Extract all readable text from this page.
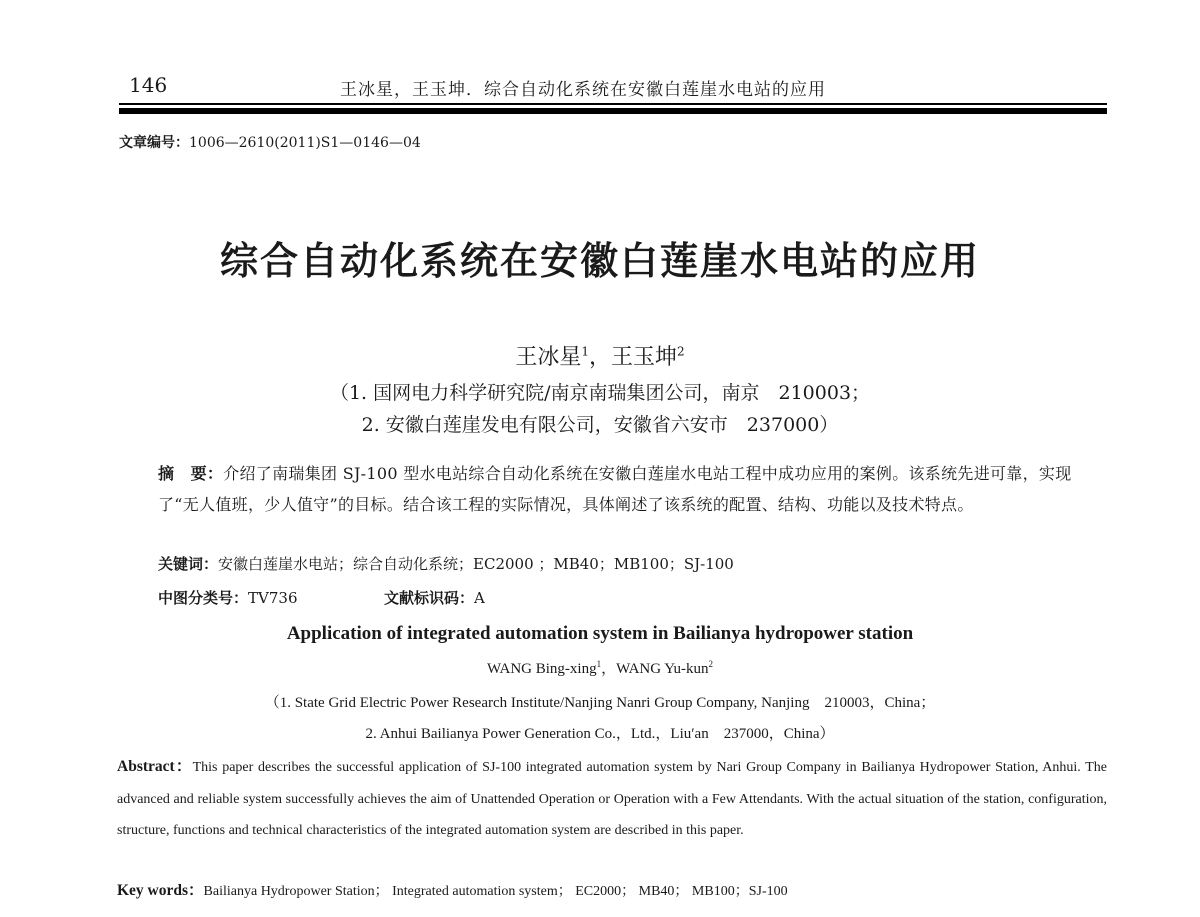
146	王冰星，王玉坤．综合自动化系统在安徽白莲崖水电站的应用
文章编号：1006—2610(2011)S1—0146—04
综合自动化系统在安徽白莲崖水电站的应用
王冰星$^1$，王玉坤$^2$
（1. 国网电力科学研究院/南京南瑞集团公司，南京　210003；
2. 安徽白莲崖发电有限公司，安徽省六安市　237000）
摘　要：介绍了南瑞集团 SJ-100 型水电站综合自动化系统在安徽白莲崖水电站工程中成功应用的案例。该系统先进可靠，实现了“无人值班，少人值守”的目标。结合该工程的实际情况，具体阐述了该系统的配置、结构、功能以及技术特点。
关键词：安徽白莲崖水电站；综合自动化系统；EC2000 ；MB40；MB100；SJ-100
中图分类号：TV736	文献标识码：A
Application of integrated automation system in Bailianya hydropower station
WANG Bing-xing$^1$，WANG Yu-kun$^2$
（1. State Grid Electric Power Research Institute/Nanjing Nanri Group Company, Nanjing　210003，China；
2. Anhui Bailianya Power Generation Co.，Ltd.，Liu′an　237000，China）
Abstract：This paper describes the successful application of SJ-100 integrated automation system by Nari Group Company in Bailianya Hydropower Station, Anhui. The advanced and reliable system successfully achieves the aim of Unattended Operation or Operation with a Few Attendants. With the actual situation of the station, configuration, structure, functions and technical characteristics of the integrated automation system are described in this paper.
Key words：Bailianya Hydropower Station； Integrated automation system； EC2000； MB40； MB100；SJ-100
